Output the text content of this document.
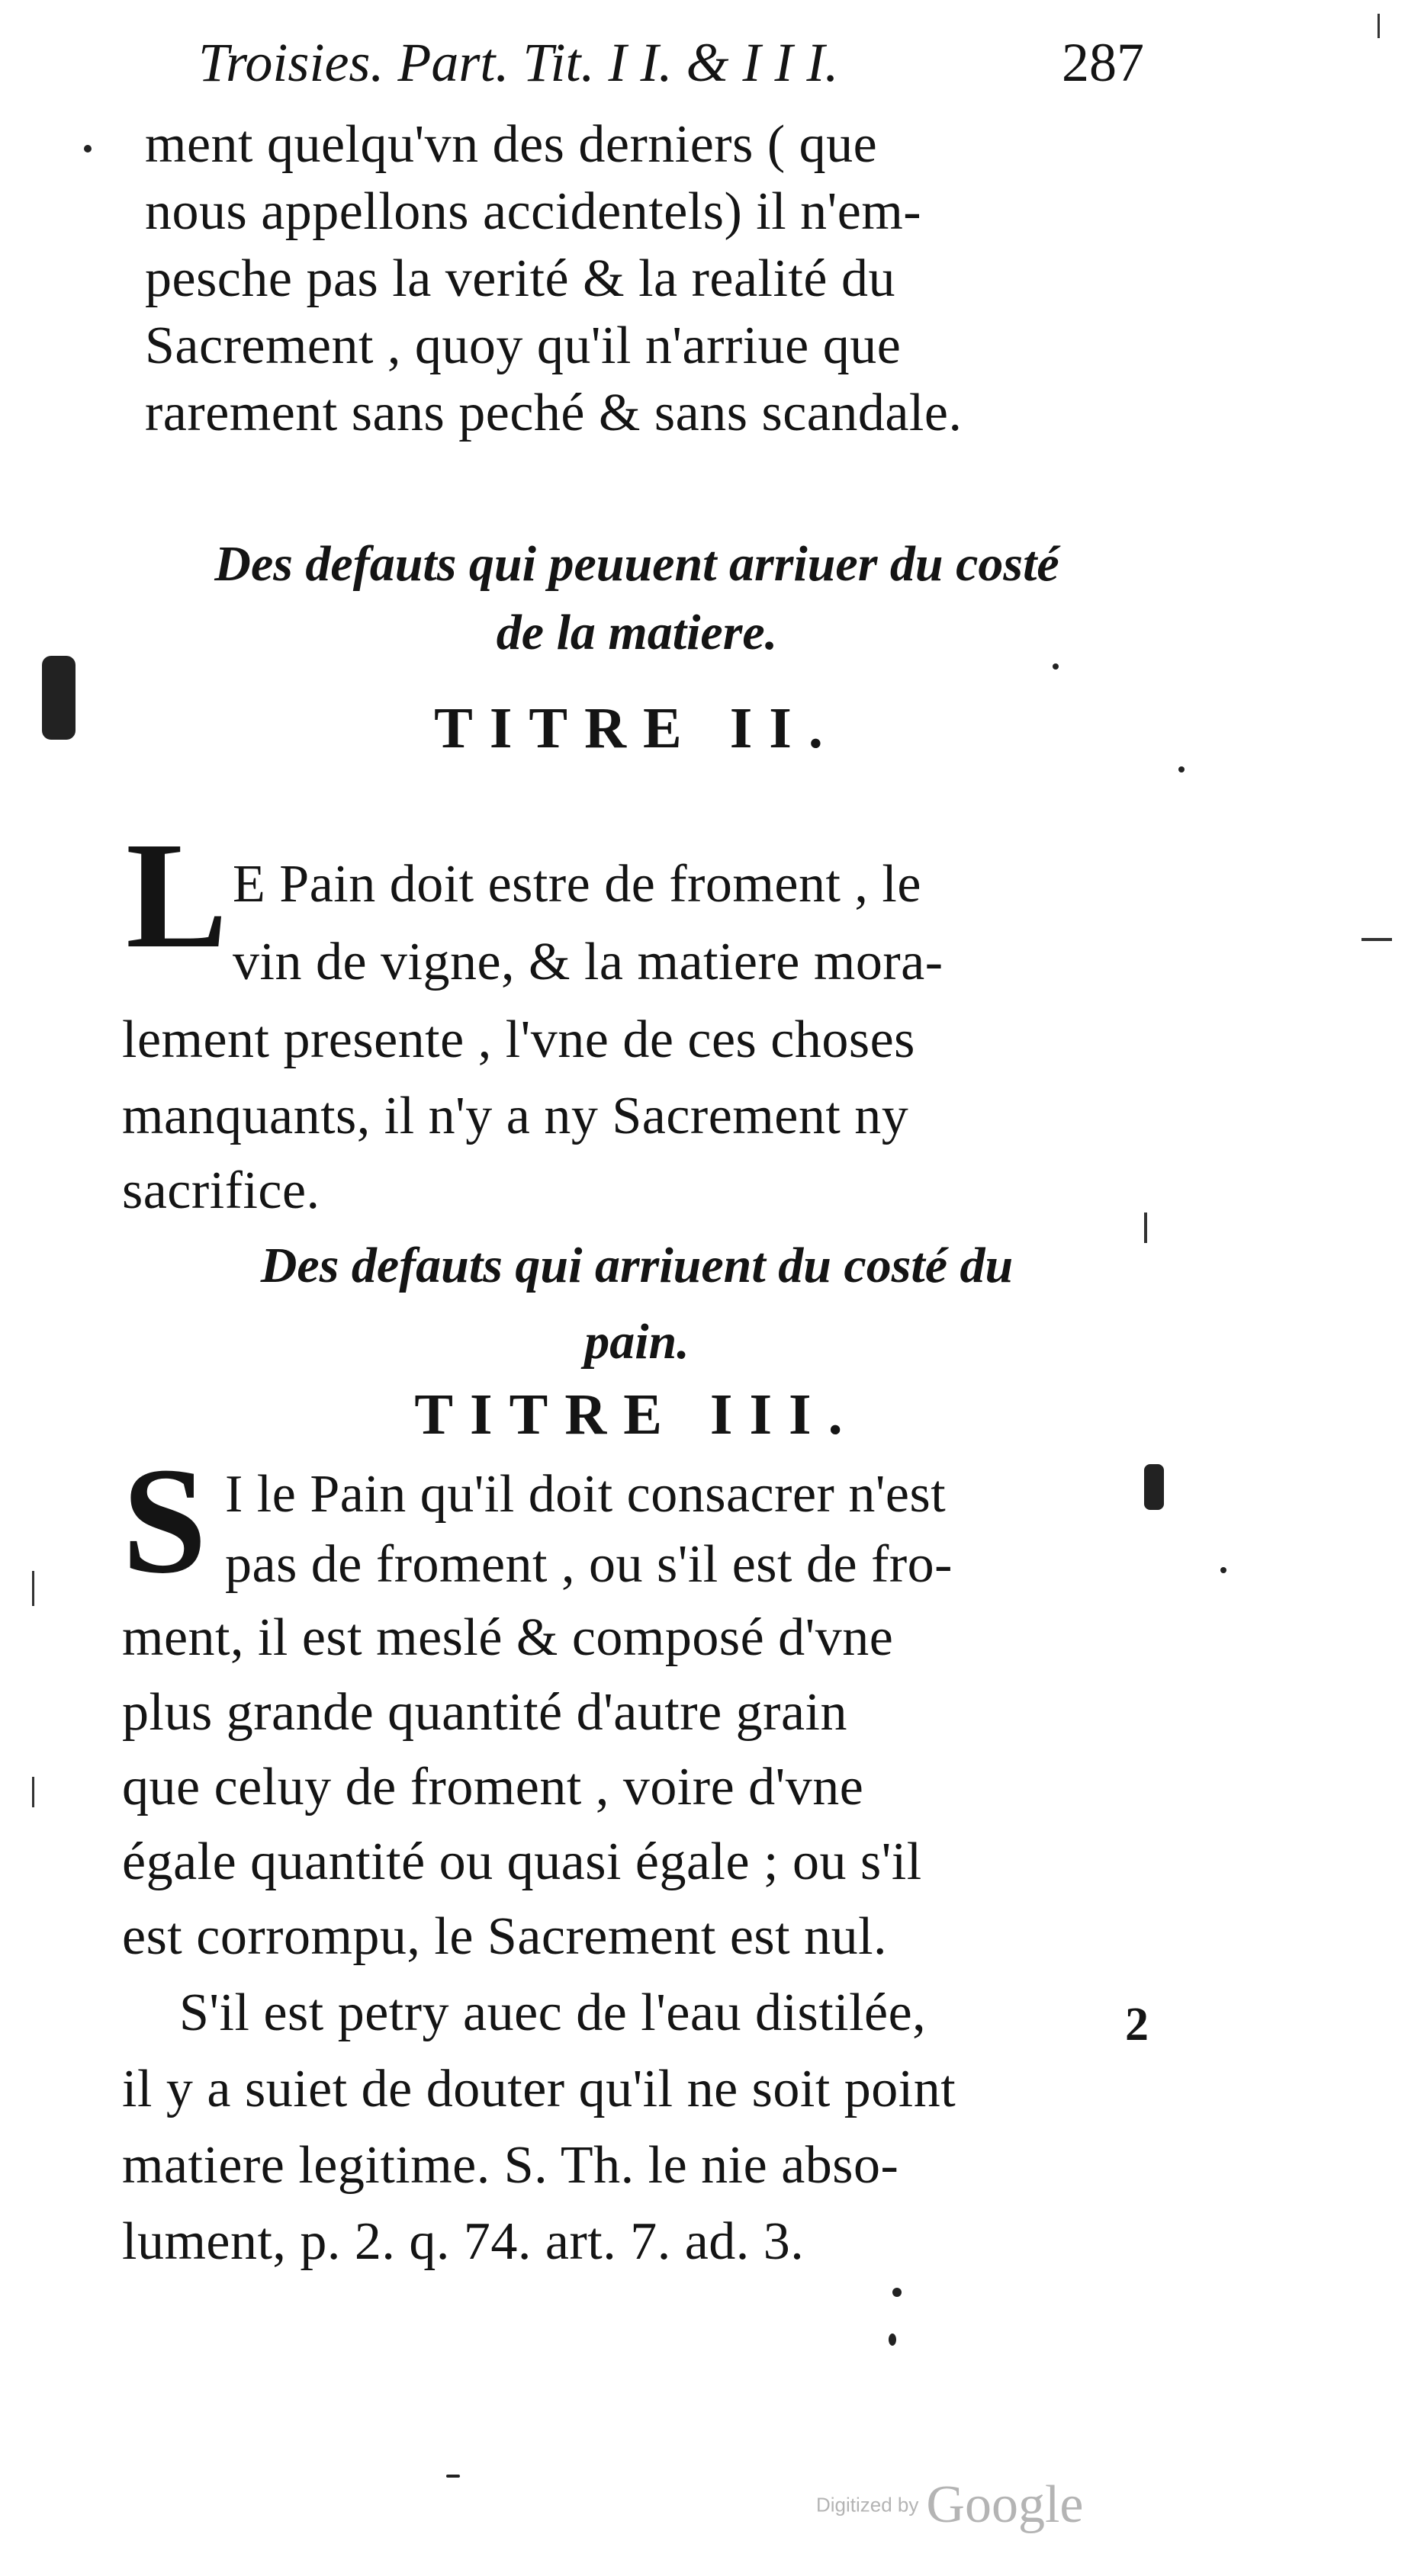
Troisies. Part. Tit. I I. & I I I.	287
ment quelqu'vn des derniers ( que
nous appellons accidentels) il n'em-
pesche pas la verité & la realité du
Sacrement , quoy qu'il n'arriue que
rarement sans peché & sans scandale.
Des defauts qui peuuent arriuer du costé
de la matiere.
TITRE II.
L E Pain doit estre de froment , le
vin de vigne, & la matiere mora-
lement presente , l'vne de ces choses
manquants, il n'y a ny Sacrement ny
sacrifice.
Des defauts qui arriuent du costé du
pain.
TITRE III.
S I le Pain qu'il doit consacrer n'est
pas de froment , ou s'il est de fro-
ment, il est meslé & composé d'vne
plus grande quantité d'autre grain
que celuy de froment , voire d'vne
égale quantité ou quasi égale ; ou s'il
est corrompu, le Sacrement est nul.
S'il est petry auec de l'eau distilée,
il y a suiet de douter qu'il ne soit point
matiere legitime. S. Th. le nie abso-
lument, p. 2. q. 74. art. 7. ad. 3.
2
Digitized by Google
